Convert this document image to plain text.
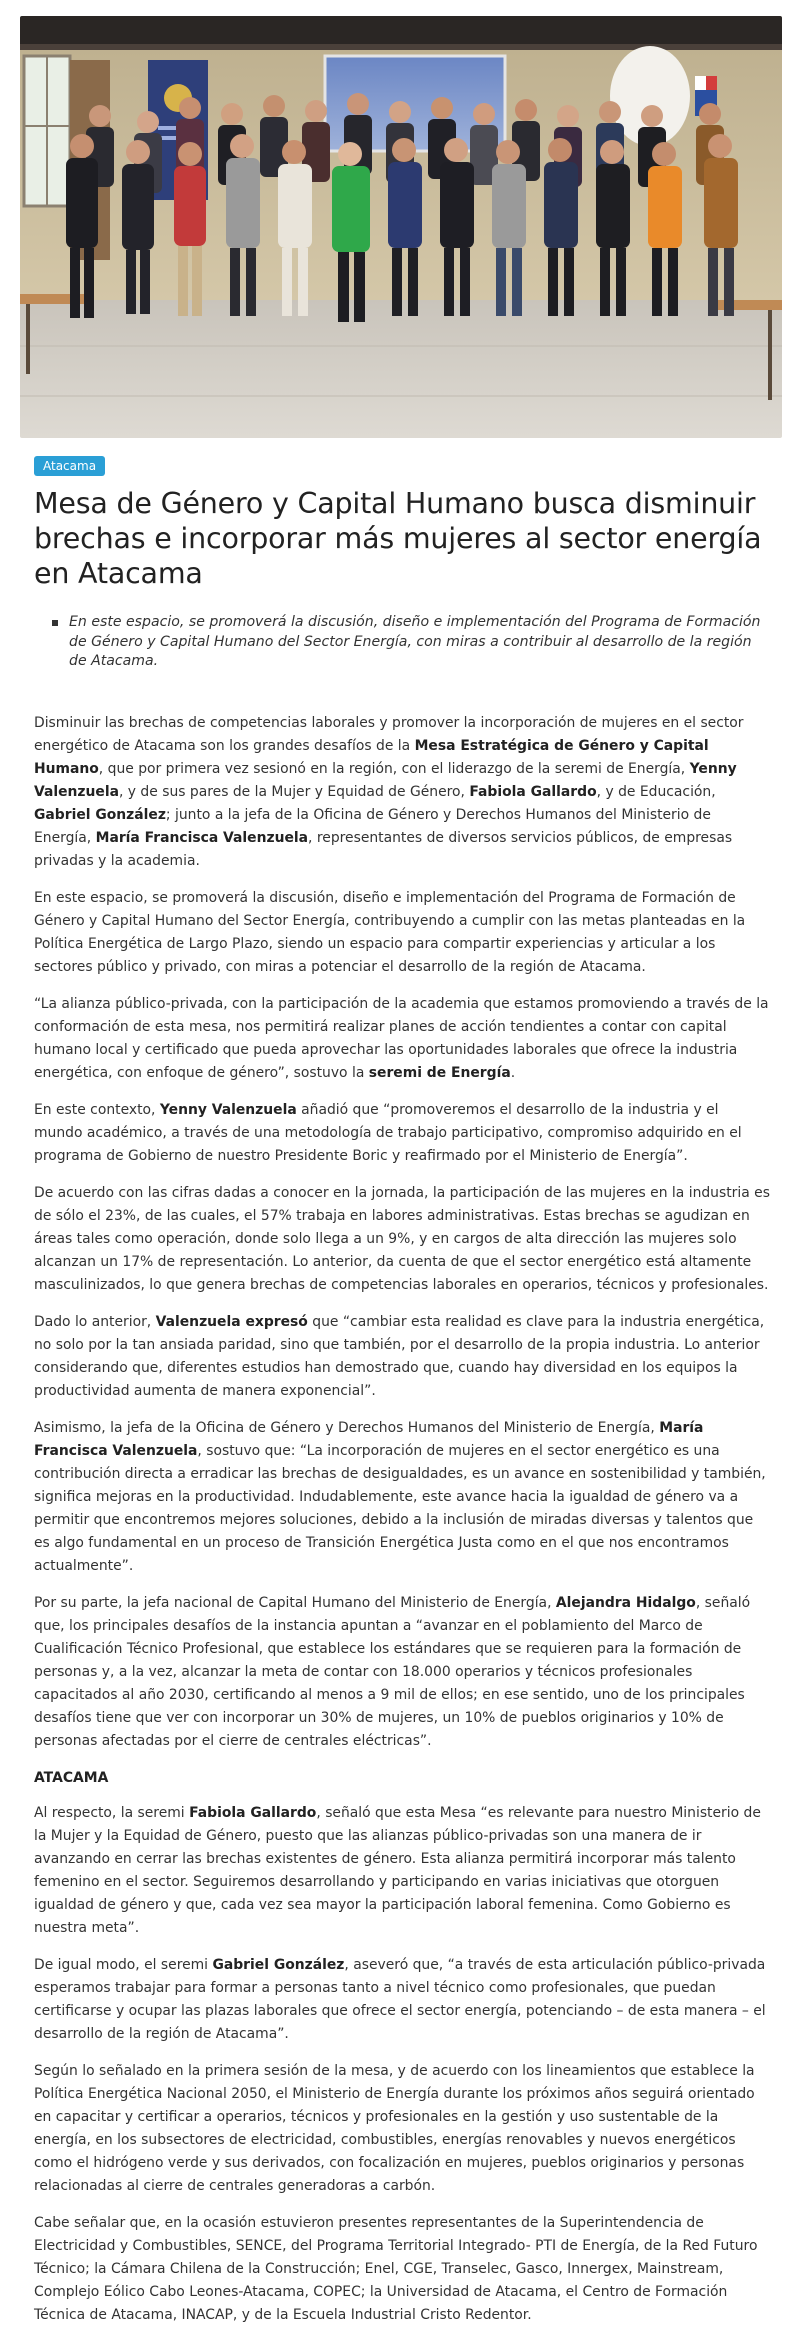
Atacama
Mesa de Género y Capital Humano busca disminuir brechas e incorporar más mujeres al sector energía en Atacama
En este espacio, se promoverá la discusión, diseño e implementación del Programa de Formación de Género y Capital Humano del Sector Energía, con miras a contribuir al desarrollo de la región de Atacama.

Disminuir las brechas de competencias laborales y promover la incorporación de mujeres en el sector energético de Atacama son los grandes desafíos de la Mesa Estratégica de Género y Capital Humano, que por primera vez sesionó en la región, con el liderazgo de la seremi de Energía, Yenny Valenzuela, y de sus pares de la Mujer y Equidad de Género, Fabiola Gallardo, y de Educación, Gabriel González; junto a la jefa de la Oficina de Género y Derechos Humanos del Ministerio de Energía, María Francisca Valenzuela, representantes de diversos servicios públicos, de empresas privadas y la academia.

En este espacio, se promoverá la discusión, diseño e implementación del Programa de Formación de Género y Capital Humano del Sector Energía, contribuyendo a cumplir con las metas planteadas en la Política Energética de Largo Plazo, siendo un espacio para compartir experiencias y articular a los sectores público y privado, con miras a potenciar el desarrollo de la región de Atacama.

“La alianza público-privada, con la participación de la academia que estamos promoviendo a través de la conformación de esta mesa, nos permitirá realizar planes de acción tendientes a contar con capital humano local y certificado que pueda aprovechar las oportunidades laborales que ofrece la industria energética, con enfoque de género”, sostuvo la seremi de Energía.

En este contexto, Yenny Valenzuela añadió que “promoveremos el desarrollo de la industria y el mundo académico, a través de una metodología de trabajo participativo, compromiso adquirido en el programa de Gobierno de nuestro Presidente Boric y reafirmado por el Ministerio de Energía”.

De acuerdo con las cifras dadas a conocer en la jornada, la participación de las mujeres en la industria es de sólo el 23%, de las cuales, el 57% trabaja en labores administrativas. Estas brechas se agudizan en áreas tales como operación, donde solo llega a un 9%, y en cargos de alta dirección las mujeres solo alcanzan un 17% de representación. Lo anterior, da cuenta de que el sector energético está altamente masculinizados, lo que genera brechas de competencias laborales en operarios, técnicos y profesionales.

Dado lo anterior, Valenzuela expresó que “cambiar esta realidad es clave para la industria energética, no solo por la tan ansiada paridad, sino que también, por el desarrollo de la propia industria. Lo anterior considerando que, diferentes estudios han demostrado que, cuando hay diversidad en los equipos la productividad aumenta de manera exponencial”.

Asimismo, la jefa de la Oficina de Género y Derechos Humanos del Ministerio de Energía, María Francisca Valenzuela, sostuvo que: “La incorporación de mujeres en el sector energético es una contribución directa a erradicar las brechas de desigualdades, es un avance en sostenibilidad y también, significa mejoras en la productividad. Indudablemente, este avance hacia la igualdad de género va a permitir que encontremos mejores soluciones, debido a la inclusión de miradas diversas y talentos que es algo fundamental en un proceso de Transición Energética Justa como en el que nos encontramos actualmente”.

Por su parte, la jefa nacional de Capital Humano del Ministerio de Energía, Alejandra Hidalgo, señaló que, los principales desafíos de la instancia apuntan a “avanzar en el poblamiento del Marco de Cualificación Técnico Profesional, que establece los estándares que se requieren para la formación de personas y, a la vez, alcanzar la meta de contar con 18.000 operarios y técnicos profesionales capacitados al año 2030, certificando al menos a 9 mil de ellos; en ese sentido, uno de los principales desafíos tiene que ver con incorporar un 30% de mujeres, un 10% de pueblos originarios y 10% de personas afectadas por el cierre de centrales eléctricas”.

ATACAMA

Al respecto, la seremi Fabiola Gallardo, señaló que esta Mesa “es relevante para nuestro Ministerio de la Mujer y la Equidad de Género, puesto que las alianzas público-privadas son una manera de ir avanzando en cerrar las brechas existentes de género. Esta alianza permitirá incorporar más talento femenino en el sector. Seguiremos desarrollando y participando en varias iniciativas que otorguen igualdad de género y que, cada vez sea mayor la participación laboral femenina. Como Gobierno es nuestra meta”.

De igual modo, el seremi Gabriel González, aseveró que, “a través de esta articulación público-privada esperamos trabajar para formar a personas tanto a nivel técnico como profesionales, que puedan certificarse y ocupar las plazas laborales que ofrece el sector energía, potenciando – de esta manera – el desarrollo de la región de Atacama”.

Según lo señalado en la primera sesión de la mesa, y de acuerdo con los lineamientos que establece la Política Energética Nacional 2050, el Ministerio de Energía durante los próximos años seguirá orientado en capacitar y certificar a operarios, técnicos y profesionales en la gestión y uso sustentable de la energía, en los subsectores de electricidad, combustibles, energías renovables y nuevos energéticos como el hidrógeno verde y sus derivados, con focalización en mujeres, pueblos originarios y personas relacionadas al cierre de centrales generadoras a carbón.

Cabe señalar que, en la ocasión estuvieron presentes representantes de la Superintendencia de Electricidad y Combustibles, SENCE, del Programa Territorial Integrado- PTI de Energía, de la Red Futuro Técnico; la Cámara Chilena de la Construcción; Enel, CGE, Transelec, Gasco, Innergex, Mainstream, Complejo Eólico Cabo Leones-Atacama, COPEC; la Universidad de Atacama, el Centro de Formación Técnica de Atacama, INACAP, y de la Escuela Industrial Cristo Redentor.
